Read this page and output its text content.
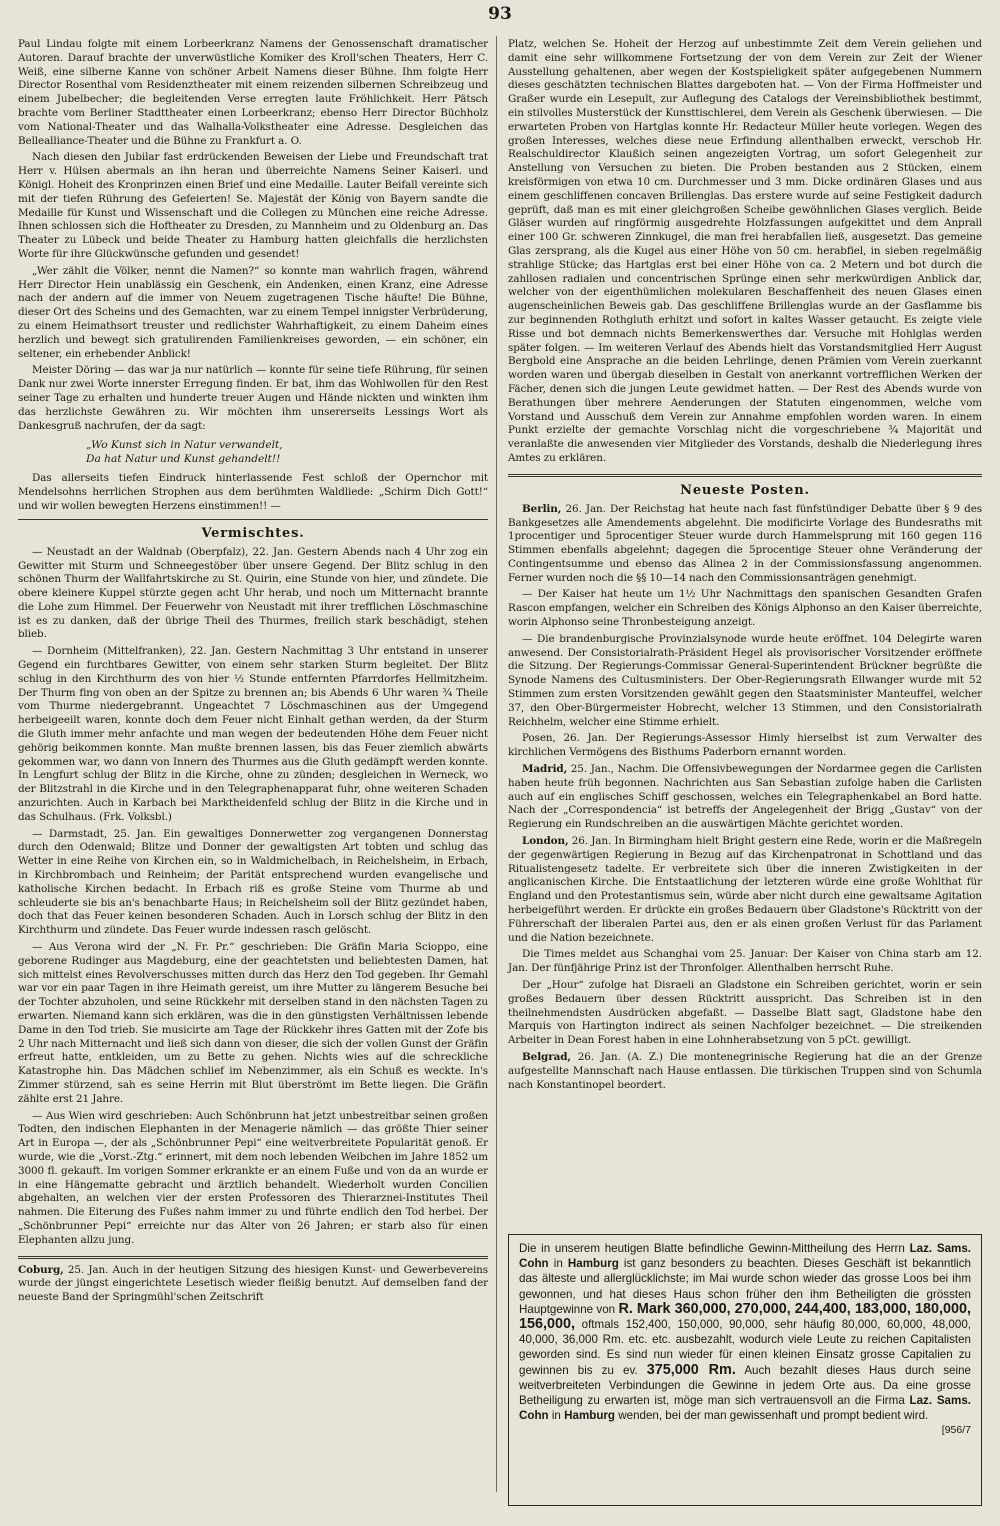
93

Paul Lindau folgte mit einem Lorbeerkranz Namens der Genossenschaft dramatischer Autoren. Darauf brachte der unverwüstliche Komiker des Kroll'schen Theaters, Herr C. Weiß, eine silberne Kanne von schöner Arbeit Namens dieser Bühne. Ihm folgte Herr Director Rosenthal vom Residenztheater mit einem reizenden silbernen Schreibzeug und einem Jubelbecher; die begleitenden Verse erregten laute Fröhlichkeit. Herr Pätsch brachte vom Berliner Stadttheater einen Lorbeerkranz; ebenso Herr Director Büchholz vom National-Theater und das Walhalla-Volkstheater eine Adresse. Desgleichen das Bellealliance-Theater und die Bühne zu Frankfurt a. O.

Nach diesen den Jubilar fast erdrückenden Beweisen der Liebe und Freundschaft trat Herr v. Hülsen abermals an ihn heran und überreichte Namens Seiner Kaiserl. und Königl. Hoheit des Kronprinzen einen Brief und eine Medaille. Lauter Beifall vereinte sich mit der tiefen Rührung des Gefeierten! Se. Majestät der König von Bayern sandte die Medaille für Kunst und Wissenschaft und die Collegen zu München eine reiche Adresse. Ihnen schlossen sich die Hoftheater zu Dresden, zu Mannheim und zu Oldenburg an. Das Theater zu Lübeck und beide Theater zu Hamburg hatten gleichfalls die herzlichsten Worte für ihre Glückwünsche gefunden und gesendet!

„Wer zählt die Völker, nennt die Namen?“ so konnte man wahrlich fragen, während Herr Director Hein unablässig ein Geschenk, ein Andenken, einen Kranz, eine Adresse nach der andern auf die immer von Neuem zugetragenen Tische häufte! Die Bühne, dieser Ort des Scheins und des Gemachten, war zu einem Tempel innigster Verbrüderung, zu einem Heimathsort treuster und redlichster Wahrhaftigkeit, zu einem Daheim eines herzlich und bewegt sich gratulirenden Familienkreises geworden, — ein schöner, ein seltener, ein erhebender Anblick!

Meister Döring — das war ja nur natürlich — konnte für seine tiefe Rührung, für seinen Dank nur zwei Worte innerster Erregung finden. Er bat, ihm das Wohlwollen für den Rest seiner Tage zu erhalten und hunderte treuer Augen und Hände nickten und winkten ihm das herzlichste Gewähren zu. Wir möchten ihm unsererseits Lessings Wort als Dankesgruß nachrufen, der da sagt:

„Wo Kunst sich in Natur verwandelt,
Da hat Natur und Kunst gehandelt!!

Das allerseits tiefen Eindruck hinterlassende Fest schloß der Opernchor mit Mendelsohns herrlichen Strophen aus dem berühmten Waldliede: „Schirm Dich Gott!“ und wir wollen bewegten Herzens einstimmen!! —

Vermischtes.

— Neustadt an der Waldnab (Oberpfalz), 22. Jan. Gestern Abends nach 4 Uhr zog ein Gewitter mit Sturm und Schneegestöber über unsere Gegend. Der Blitz schlug in den schönen Thurm der Wallfahrtskirche zu St. Quirin, eine Stunde von hier, und zündete. Die obere kleinere Kuppel stürzte gegen acht Uhr herab, und noch um Mitternacht brannte die Lohe zum Himmel. Der Feuerwehr von Neustadt mit ihrer trefflichen Löschmaschine ist es zu danken, daß der übrige Theil des Thurmes, freilich stark beschädigt, stehen blieb.

— Dornheim (Mittelfranken), 22. Jan. Gestern Nachmittag 3 Uhr entstand in unserer Gegend ein furchtbares Gewitter, von einem sehr starken Sturm begleitet. Der Blitz schlug in den Kirchthurm des von hier ½ Stunde entfernten Pfarrdorfes Hellmitzheim. Der Thurm fing von oben an der Spitze zu brennen an; bis Abends 6 Uhr waren ¾ Theile vom Thurme niedergebrannt. Ungeachtet 7 Löschmaschinen aus der Umgegend herbeigeeilt waren, konnte doch dem Feuer nicht Einhalt gethan werden, da der Sturm die Gluth immer mehr anfachte und man wegen der bedeutenden Höhe dem Feuer nicht gehörig beikommen konnte. Man mußte brennen lassen, bis das Feuer ziemlich abwärts gekommen war, wo dann von Innern des Thurmes aus die Gluth gedämpft werden konnte. In Lengfurt schlug der Blitz in die Kirche, ohne zu zünden; desgleichen in Werneck, wo der Blitzstrahl in die Kirche und in den Telegraphenapparat fuhr, ohne weiteren Schaden anzurichten. Auch in Karbach bei Marktheidenfeld schlug der Blitz in die Kirche und in das Schulhaus. (Frk. Volksbl.)

— Darmstadt, 25. Jan. Ein gewaltiges Donnerwetter zog vergangenen Donnerstag durch den Odenwald; Blitze und Donner der gewaltigsten Art tobten und schlug das Wetter in eine Reihe von Kirchen ein, so in Waldmichelbach, in Reichelsheim, in Erbach, in Kirchbrombach und Reinheim; der Parität entsprechend wurden evangelische und katholische Kirchen bedacht. In Erbach riß es große Steine vom Thurme ab und schleuderte sie bis an's benachbarte Haus; in Reichelsheim soll der Blitz gezündet haben, doch that das Feuer keinen besonderen Schaden. Auch in Lorsch schlug der Blitz in den Kirchthurm und zündete. Das Feuer wurde indessen rasch gelöscht.

— Aus Verona wird der „N. Fr. Pr.“ geschrieben: Die Gräfin Maria Scioppo, eine geborene Rudinger aus Magdeburg, eine der geachtetsten und beliebtesten Damen, hat sich mittelst eines Revolverschusses mitten durch das Herz den Tod gegeben. Ihr Gemahl war vor ein paar Tagen in ihre Heimath gereist, um ihre Mutter zu längerem Besuche bei der Tochter abzuholen, und seine Rückkehr mit derselben stand in den nächsten Tagen zu erwarten. Niemand kann sich erklären, was die in den günstigsten Verhältnissen lebende Dame in den Tod trieb. Sie musicirte am Tage der Rückkehr ihres Gatten mit der Zofe bis 2 Uhr nach Mitternacht und ließ sich dann von dieser, die sich der vollen Gunst der Gräfin erfreut hatte, entkleiden, um zu Bette zu gehen. Nichts wies auf die schreckliche Katastrophe hin. Das Mädchen schlief im Nebenzimmer, als ein Schuß es weckte. In's Zimmer stürzend, sah es seine Herrin mit Blut überströmt im Bette liegen. Die Gräfin zählte erst 21 Jahre.

— Aus Wien wird geschrieben: Auch Schönbrunn hat jetzt unbestreitbar seinen großen Todten, den indischen Elephanten in der Menagerie nämlich — das größte Thier seiner Art in Europa —, der als „Schönbrunner Pepi“ eine weitverbreitete Popularität genoß. Er wurde, wie die „Vorst.-Ztg.“ erinnert, mit dem noch lebenden Weibchen im Jahre 1852 um 3000 fl. gekauft. Im vorigen Sommer erkrankte er an einem Fuße und von da an wurde er in eine Hängematte gebracht und ärztlich behandelt. Wiederholt wurden Concilien abgehalten, an welchen vier der ersten Professoren des Thierarznei-Institutes Theil nahmen. Die Eiterung des Fußes nahm immer zu und führte endlich den Tod herbei. Der „Schönbrunner Pepi“ erreichte nur das Alter von 26 Jahren; er starb also für einen Elephanten allzu jung.

Coburg, 25. Jan. Auch in der heutigen Sitzung des hiesigen Kunst- und Gewerbevereins wurde der jüngst eingerichtete Lesetisch wieder fleißig benutzt. Auf demselben fand der neueste Band der Springmühl'schen Zeitschrift

Platz, welchen Se. Hoheit der Herzog auf unbestimmte Zeit dem Verein geliehen und damit eine sehr willkommene Fortsetzung der von dem Verein zur Zeit der Wiener Ausstellung gehaltenen, aber wegen der Kostspieligkeit später aufgegebenen Nummern dieses geschätzten technischen Blattes dargeboten hat. — Von der Firma Hoffmeister und Graßer wurde ein Lesepult, zur Auflegung des Catalogs der Vereinsbibliothek bestimmt, ein stilvolles Musterstück der Kunsttischlerei, dem Verein als Geschenk überwiesen. — Die erwarteten Proben von Hartglas konnte Hr. Redacteur Müller heute vorlegen. Wegen des großen Interesses, welches diese neue Erfindung allenthalben erweckt, verschob Hr. Realschuldirector Klaußich seinen angezeigten Vortrag, um sofort Gelegenheit zur Anstellung von Versuchen zu bieten. Die Proben bestanden aus 2 Stücken, einem kreisförmigen von etwa 10 cm. Durchmesser und 3 mm. Dicke ordinären Glases und aus einem geschliffenen concaven Brillenglas. Das erstere wurde auf seine Festigkeit dadurch geprüft, daß man es mit einer gleichgroßen Scheibe gewöhnlichen Glases verglich. Beide Gläser wurden auf ringförmig ausgedrehte Holzfassungen aufgekittet und dem Anprall einer 100 Gr. schweren Zinnkugel, die man frei herabfallen ließ, ausgesetzt. Das gemeine Glas zersprang, als die Kugel aus einer Höhe von 50 cm. herabfiel, in sieben regelmäßig strahlige Stücke; das Hartglas erst bei einer Höhe von ca. 2 Metern und bot durch die zahllosen radialen und concentrischen Sprünge einen sehr merkwürdigen Anblick dar, welcher von der eigenthümlichen molekularen Beschaffenheit des neuen Glases einen augenscheinlichen Beweis gab. Das geschliffene Brillenglas wurde an der Gasflamme bis zur beginnenden Rothgluth erhitzt und sofort in kaltes Wasser getaucht. Es zeigte viele Risse und bot demnach nichts Bemerkenswerthes dar. Versuche mit Hohlglas werden später folgen. — Im weiteren Verlauf des Abends hielt das Vorstandsmitglied Herr August Bergbold eine Ansprache an die beiden Lehrlinge, denen Prämien vom Verein zuerkannt worden waren und übergab dieselben in Gestalt von anerkannt vortrefflichen Werken der Fächer, denen sich die jungen Leute gewidmet hatten. — Der Rest des Abends wurde von Berathungen über mehrere Aenderungen der Statuten eingenommen, welche vom Vorstand und Ausschuß dem Verein zur Annahme empfohlen worden waren. In einem Punkt erzielte der gemachte Vorschlag nicht die vorgeschriebene ¾ Majorität und veranlaßte die anwesenden vier Mitglieder des Vorstands, deshalb die Niederlegung ihres Amtes zu erklären.

Neueste Posten.

Berlin, 26. Jan. Der Reichstag hat heute nach fast fünfstündiger Debatte über § 9 des Bankgesetzes alle Amendements abgelehnt. Die modificirte Vorlage des Bundesraths mit 1procentiger und 5procentiger Steuer wurde durch Hammelsprung mit 160 gegen 116 Stimmen ebenfalls abgelehnt; dagegen die 5procentige Steuer ohne Veränderung der Contingentsumme und ebenso das Alinea 2 in der Commissionsfassung angenommen. Ferner wurden noch die §§ 10—14 nach den Commissionsanträgen genehmigt.

— Der Kaiser hat heute um 1½ Uhr Nachmittags den spanischen Gesandten Grafen Rascon empfangen, welcher ein Schreiben des Königs Alphonso an den Kaiser überreichte, worin Alphonso seine Thronbesteigung anzeigt.

— Die brandenburgische Provinzialsynode wurde heute eröffnet. 104 Delegirte waren anwesend. Der Consistorialrath-Präsident Hegel als provisorischer Vorsitzender eröffnete die Sitzung. Der Regierungs-Commissar General-Superintendent Brückner begrüßte die Synode Namens des Cultusministers. Der Ober-Regierungsrath Ellwanger wurde mit 52 Stimmen zum ersten Vorsitzenden gewählt gegen den Staatsminister Manteuffel, welcher 37, den Ober-Bürgermeister Hobrecht, welcher 13 Stimmen, und den Consistorialrath Reichhelm, welcher eine Stimme erhielt.

Posen, 26. Jan. Der Regierungs-Assessor Himly hierselbst ist zum Verwalter des kirchlichen Vermögens des Bisthums Paderborn ernannt worden.

Madrid, 25. Jan., Nachm. Die Offensivbewegungen der Nordarmee gegen die Carlisten haben heute früh begonnen. Nachrichten aus San Sebastian zufolge haben die Carlisten auch auf ein englisches Schiff geschossen, welches ein Telegraphenkabel an Bord hatte. Nach der „Correspondencia“ ist betreffs der Angelegenheit der Brigg „Gustav“ von der Regierung ein Rundschreiben an die auswärtigen Mächte gerichtet worden.

London, 26. Jan. In Birmingham hielt Bright gestern eine Rede, worin er die Maßregeln der gegenwärtigen Regierung in Bezug auf das Kirchenpatronat in Schottland und das Ritualistengesetz tadelte. Er verbreitete sich über die inneren Zwistigkeiten in der anglicanischen Kirche. Die Entstaatlichung der letzteren würde eine große Wohlthat für England und den Protestantismus sein, würde aber nicht durch eine gewaltsame Agitation herbeigeführt werden. Er drückte ein großes Bedauern über Gladstone's Rücktritt von der Führerschaft der liberalen Partei aus, den er als einen großen Verlust für das Parlament und die Nation bezeichnete.

Die Times meldet aus Schanghai vom 25. Januar: Der Kaiser von China starb am 12. Jan. Der fünfjährige Prinz ist der Thronfolger. Allenthalben herrscht Ruhe.

Der „Hour“ zufolge hat Disraeli an Gladstone ein Schreiben gerichtet, worin er sein großes Bedauern über dessen Rücktritt ausspricht. Das Schreiben ist in den theilnehmendsten Ausdrücken abgefaßt. — Dasselbe Blatt sagt, Gladstone habe den Marquis von Hartington indirect als seinen Nachfolger bezeichnet. — Die streikenden Arbeiter in Dean Forest haben in eine Lohnherabsetzung von 5 pCt. gewilligt.

Belgrad, 26. Jan. (A. Z.) Die montenegrinische Regierung hat die an der Grenze aufgestellte Mannschaft nach Hause entlassen. Die türkischen Truppen sind von Schumla nach Konstantinopel beordert.

Die in unserem heutigen Blatte befindliche Gewinn-Mittheilung des Herrn Laz. Sams. Cohn in Hamburg ist ganz besonders zu beachten. Dieses Geschäft ist bekanntlich das älteste und allerglücklichste; im Mai wurde schon wieder das grosse Loos bei ihm gewonnen, und hat dieses Haus schon früher den ihm Betheiligten die grössten Hauptgewinne von R. Mark 360,000, 270,000, 244,400, 183,000, 180,000, 156,000, oftmals 152,400, 150,000, 90,000, sehr häufig 80,000, 60,000, 48,000, 40,000, 36,000 Rm. etc. etc. ausbezahlt, wodurch viele Leute zu reichen Capitalisten geworden sind. Es sind nun wieder für einen kleinen Einsatz grosse Capitalien zu gewinnen bis zu ev. 375,000 Rm. Auch bezahlt dieses Haus durch seine weitverbreiteten Verbindungen die Gewinne in jedem Orte aus. Da eine grosse Betheiligung zu erwarten ist, möge man sich vertrauensvoll an die Firma Laz. Sams. Cohn in Hamburg wenden, bei der man gewissenhaft und prompt bedient wird.
[956/7
